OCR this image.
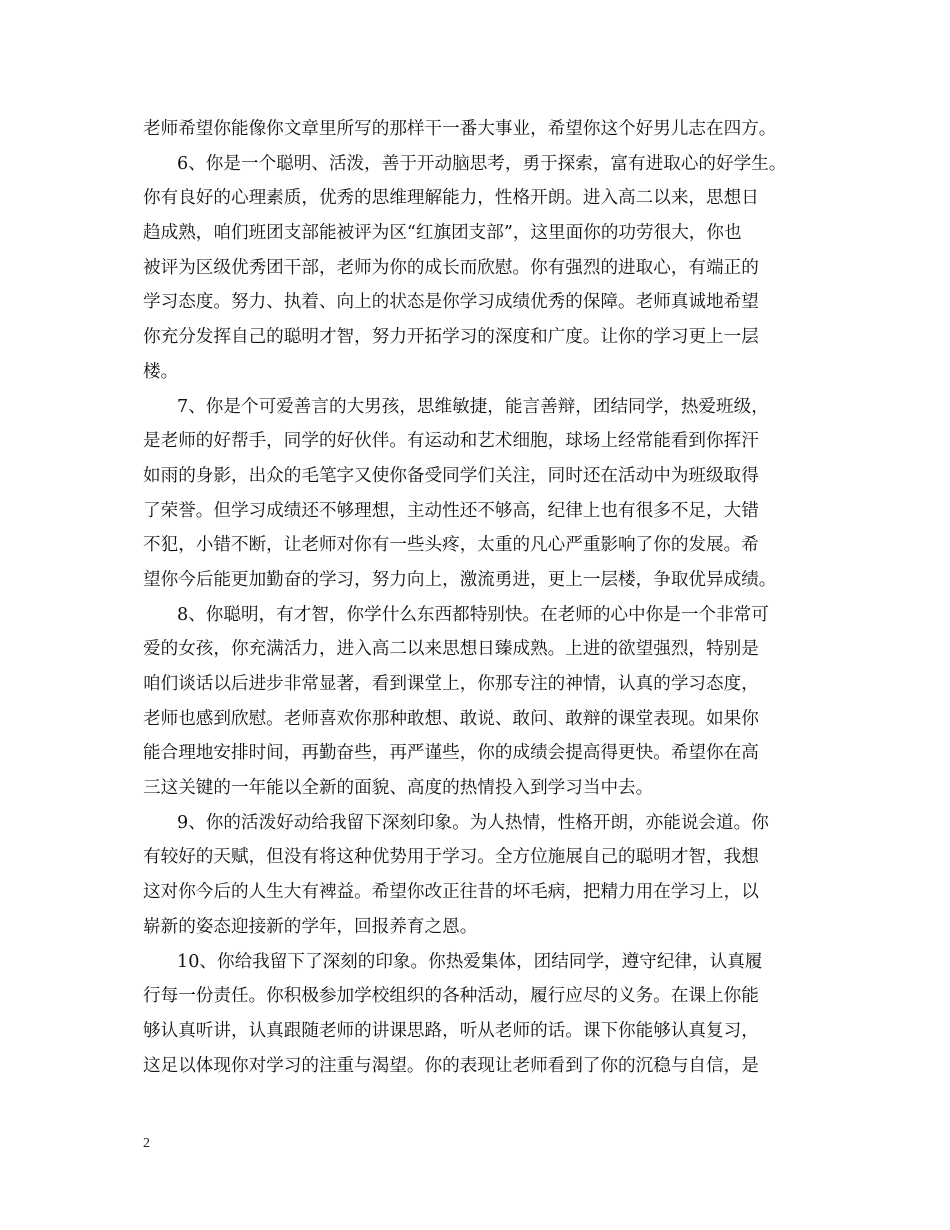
老师希望你能像你文章里所写的那样干一番大事业，希望你这个好男儿志在四方。
6、你是一个聪明、活泼，善于开动脑思考，勇于探索，富有进取心的好学生。
你有良好的心理素质，优秀的思维理解能力，性格开朗。进入高二以来，思想日
趋成熟，咱们班团支部能被评为区“红旗团支部”，这里面你的功劳很大，你也
被评为区级优秀团干部，老师为你的成长而欣慰。你有强烈的进取心，有端正的
学习态度。努力、执着、向上的状态是你学习成绩优秀的保障。老师真诚地希望
你充分发挥自己的聪明才智，努力开拓学习的深度和广度。让你的学习更上一层
楼。
7、你是个可爱善言的大男孩，思维敏捷，能言善辩，团结同学，热爱班级，
是老师的好帮手，同学的好伙伴。有运动和艺术细胞，球场上经常能看到你挥汗
如雨的身影，出众的毛笔字又使你备受同学们关注，同时还在活动中为班级取得
了荣誉。但学习成绩还不够理想，主动性还不够高，纪律上也有很多不足，大错
不犯，小错不断，让老师对你有一些头疼，太重的凡心严重影响了你的发展。希
望你今后能更加勤奋的学习，努力向上，激流勇进，更上一层楼，争取优异成绩。
8、你聪明，有才智，你学什么东西都特别快。在老师的心中你是一个非常可
爱的女孩，你充满活力，进入高二以来思想日臻成熟。上进的欲望强烈，特别是
咱们谈话以后进步非常显著，看到课堂上，你那专注的神情，认真的学习态度，
老师也感到欣慰。老师喜欢你那种敢想、敢说、敢问、敢辩的课堂表现。如果你
能合理地安排时间，再勤奋些，再严谨些，你的成绩会提高得更快。希望你在高
三这关键的一年能以全新的面貌、高度的热情投入到学习当中去。
9、你的活泼好动给我留下深刻印象。为人热情，性格开朗，亦能说会道。你
有较好的天赋，但没有将这种优势用于学习。全方位施展自己的聪明才智，我想
这对你今后的人生大有裨益。希望你改正往昔的坏毛病，把精力用在学习上，以
崭新的姿态迎接新的学年，回报养育之恩。
10、你给我留下了深刻的印象。你热爱集体，团结同学，遵守纪律，认真履
行每一份责任。你积极参加学校组织的各种活动，履行应尽的义务。在课上你能
够认真听讲，认真跟随老师的讲课思路，听从老师的话。课下你能够认真复习，
这足以体现你对学习的注重与渴望。你的表现让老师看到了你的沉稳与自信，是
2
